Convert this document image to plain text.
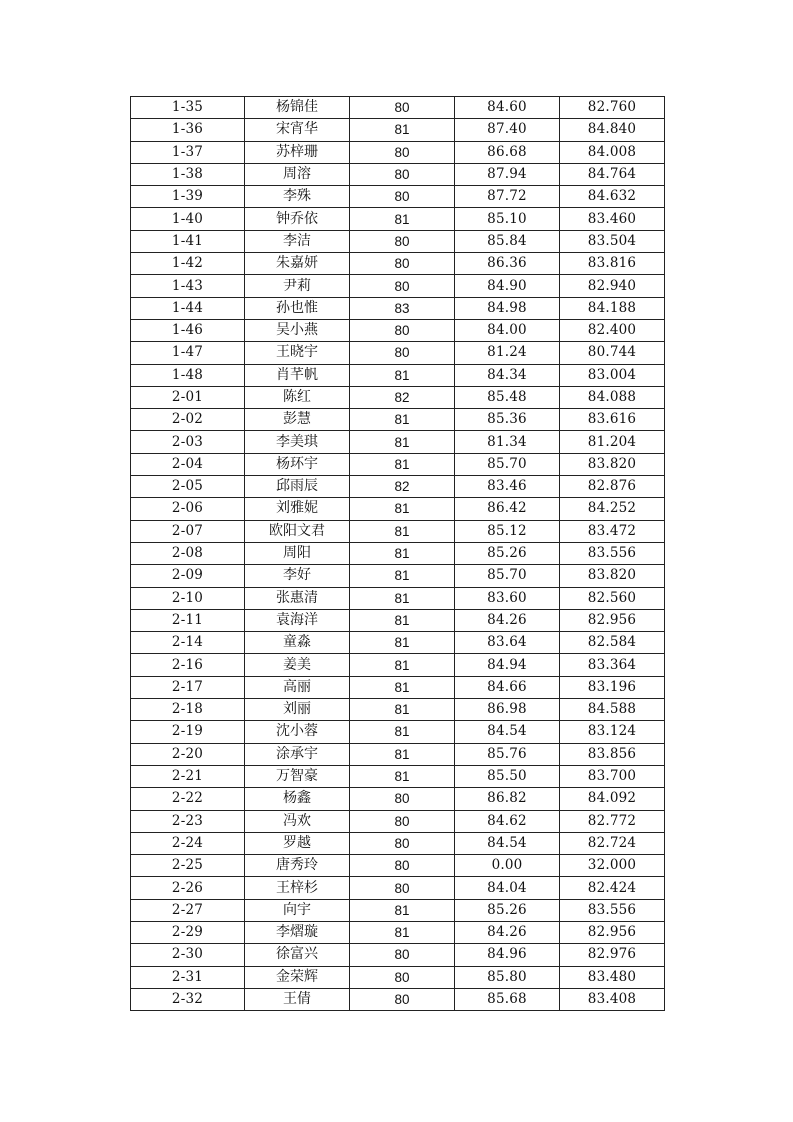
1-35	杨锦佳	80	84.60	82.760
1-36	宋宵华	81	87.40	84.840
1-37	苏梓珊	80	86.68	84.008
1-38	周溶	80	87.94	84.764
1-39	李殊	80	87.72	84.632
1-40	钟乔依	81	85.10	83.460
1-41	李洁	80	85.84	83.504
1-42	朱嘉妍	80	86.36	83.816
1-43	尹莉	80	84.90	82.940
1-44	孙也惟	83	84.98	84.188
1-46	吴小燕	80	84.00	82.400
1-47	王晓宇	80	81.24	80.744
1-48	肖芊帆	81	84.34	83.004
2-01	陈红	82	85.48	84.088
2-02	彭慧	81	85.36	83.616
2-03	李美琪	81	81.34	81.204
2-04	杨环宇	81	85.70	83.820
2-05	邱雨辰	82	83.46	82.876
2-06	刘雅妮	81	86.42	84.252
2-07	欧阳文君	81	85.12	83.472
2-08	周阳	81	85.26	83.556
2-09	李好	81	85.70	83.820
2-10	张惠清	81	83.60	82.560
2-11	袁海洋	81	84.26	82.956
2-14	童淼	81	83.64	82.584
2-16	姜美	81	84.94	83.364
2-17	高丽	81	84.66	83.196
2-18	刘丽	81	86.98	84.588
2-19	沈小蓉	81	84.54	83.124
2-20	涂承宇	81	85.76	83.856
2-21	万智豪	81	85.50	83.700
2-22	杨鑫	80	86.82	84.092
2-23	冯欢	80	84.62	82.772
2-24	罗越	80	84.54	82.724
2-25	唐秀玲	80	0.00	32.000
2-26	王梓杉	80	84.04	82.424
2-27	向宇	81	85.26	83.556
2-29	李熠璇	81	84.26	82.956
2-30	徐富兴	80	84.96	82.976
2-31	金荣辉	80	85.80	83.480
2-32	王倩	80	85.68	83.408
